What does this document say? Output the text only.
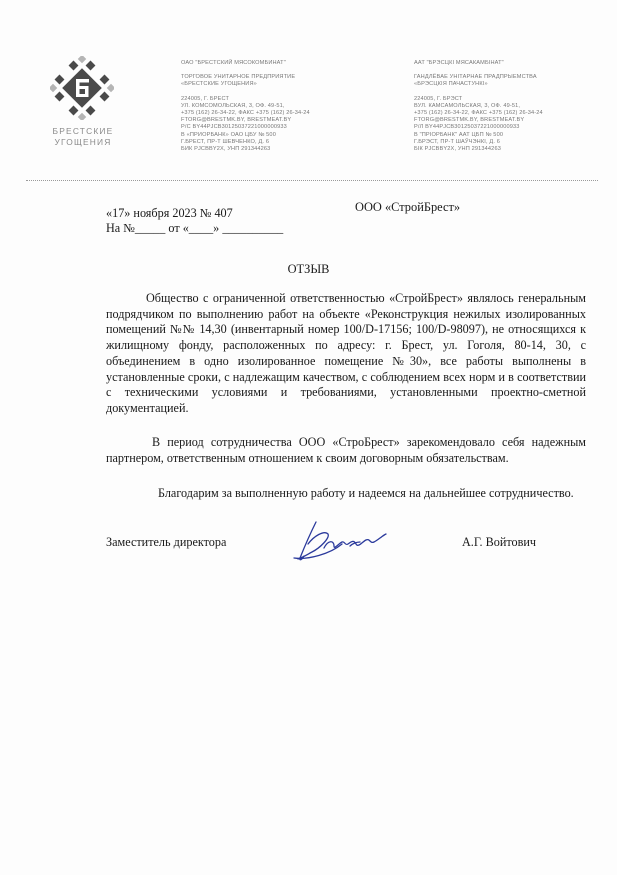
БРЕСТСКИЕ
УГОЩЕНИЯ
ОАО "БРЕСТСКИЙ МЯСОКОМБИНАТ"
ТОРГОВОЕ УНИТАРНОЕ ПРЕДПРИЯТИЕ
«БРЕСТСКИЕ УГОЩЕНИЯ»
224005, Г. БРЕСТ
УЛ. КОМСОМОЛЬСКАЯ, 3, ОФ. 49-51,
+375 (162) 26-34-22, ФАКС +375 (162) 26-34-24
FTORG@BRESTMK.BY, BRESTMEAT.BY
Р/С BY44PJCB30125037221000000933
В «ПРИОРБАНК» ОАО ЦБУ № 500
Г.БРЕСТ, ПР-Т ШЕВЧЕНКО, Д. 6
БИК PJCBBY2X, УНП 291344263
ААТ "БРЭСЦКІ МЯСАКАМБІНАТ"
ГАНДЛЁВАЕ УНІТАРНАЕ ПРАДПРЫЕМСТВА
«БРЭСЦКІЯ ПАЧАСТУНКІ»
224005, Г. БРЭСТ
ВУЛ. КАМСАМОЛЬСКАЯ, 3, ОФ. 49-51,
+375 (162) 26-34-22, ФАКС +375 (162) 26-34-24
FTORG@BRESTMK.BY, BRESTMEAT.BY
Р/Л BY44PJCB30125037221000000933
В "ПРІОРБАНК" ААТ ЦБП № 500
Г.БРЭСТ, ПР-Т ШАЎЧЭНКІ, Д. 6
БІК PJCBBY2X, УНП 291344263
«17» ноября 2023 № 407
На №_____ от «____» __________
ООО «СтройБрест»
ОТЗЫВ
Общество с ограниченной ответственностью «СтройБрест» являлось генеральным подрядчиком по выполнению работ на объекте «Реконструкция нежилых изолированных помещений №№ 14,30 (инвентарный номер 100/D-17156; 100/D-98097), не относящихся к жилищному фонду, расположенных по адресу: г. Брест, ул. Гоголя, 80-14, 30, с объединением в одно изолированное помещение №30», все работы выполнены в установленные сроки, с надлежащим качеством, с соблюдением всех норм и в соответствии с техническими условиями и требованиями, установленными проектно-сметной документацией.
В период сотрудничества ООО «СтроБрест» зарекомендовало себя надежным партнером, ответственным отношением к своим договорным обязательствам.
Благодарим за выполненную работу и надеемся на дальнейшее сотрудничество.
Заместитель директора	А.Г. Войтович
